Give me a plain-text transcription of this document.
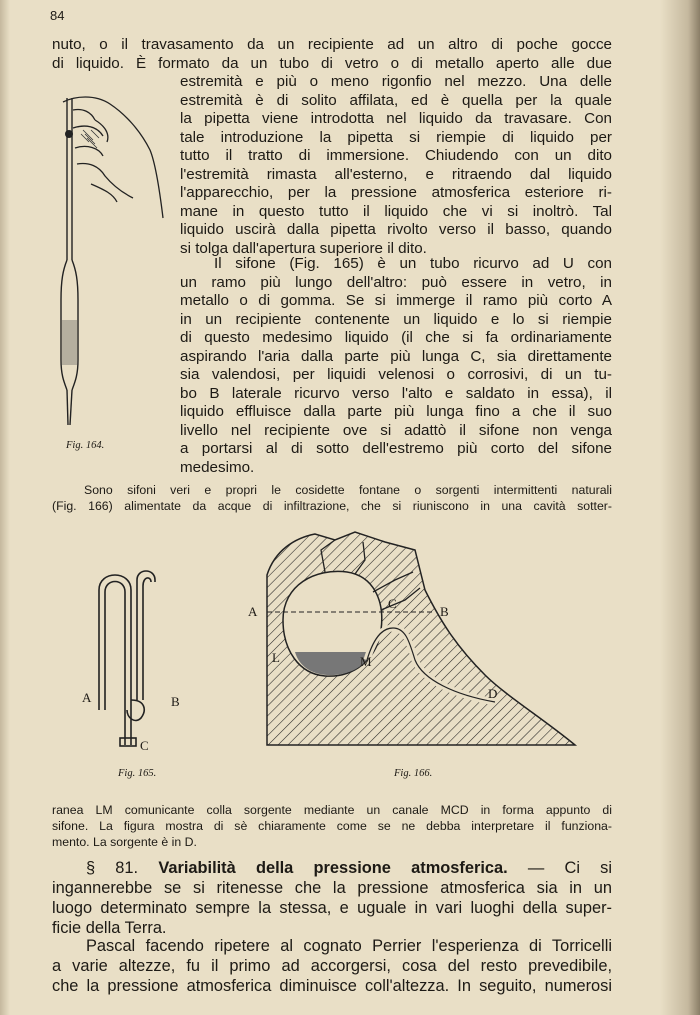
84
nuto, o il travasamento da un recipiente ad un altro di poche gocce
di liquido. È formato da un tubo di vetro o di metallo aperto alle due
estremità e più o meno rigonfio nel mezzo. Una delle
estremità è di solito affilata, ed è quella per la quale
la pipetta viene introdotta nel liquido da travasare. Con
tale introduzione la pipetta si riempie di liquido per
tutto il tratto di immersione. Chiudendo con un dito
l'estremità rimasta all'esterno, e ritraendo dal liquido
l'apparecchio, per la pressione atmosferica esteriore ri-
mane in questo tutto il liquido che vi si inoltrò. Tal
liquido uscirà dalla pipetta rivolto verso il basso, quando
si tolga dall'apertura superiore il dito.
Il sifone (Fig. 165) è un tubo ricurvo ad U con
un ramo più lungo dell'altro: può essere in vetro, in
metallo o di gomma. Se si immerge il ramo più corto A
in un recipiente contenente un liquido e lo si riempie
di questo medesimo liquido (il che si fa ordinariamente
aspirando l'aria dalla parte più lunga C, sia direttamente
sia valendosi, per liquidi velenosi o corrosivi, di un tu-
bo B laterale ricurvo verso l'alto e saldato in essa), il
liquido effluisce dalla parte più lunga fino a che il suo
livello nel recipiente ove si adattò il sifone non venga
a portarsi al di sotto dell'estremo più corto del sifone
medesimo.
Fig. 164.
Sono sifoni veri e propri le cosidette fontane o sorgenti intermittenti naturali
(Fig. 166) alimentate da acque di infiltrazione, che si riuniscono in una cavità sotter-
A	B
C
Fig. 165.
A	B
C
L	M
D
Fig. 166.
ranea LM comunicante colla sorgente mediante un canale MCD in forma appunto di
sifone. La figura mostra di sè chiaramente come se ne debba interpretare il funziona-
mento. La sorgente è in D.
§ 81. Variabilità della pressione atmosferica. — Ci si
ingannerebbe se si ritenesse che la pressione atmosferica sia in un
luogo determinato sempre la stessa, e uguale in vari luoghi della super-
ficie della Terra.
Pascal facendo ripetere al cognato Perrier l'esperienza di Torricelli
a varie altezze, fu il primo ad accorgersi, cosa del resto prevedibile,
che la pressione atmosferica diminuisce coll'altezza. In seguito, numerosi
